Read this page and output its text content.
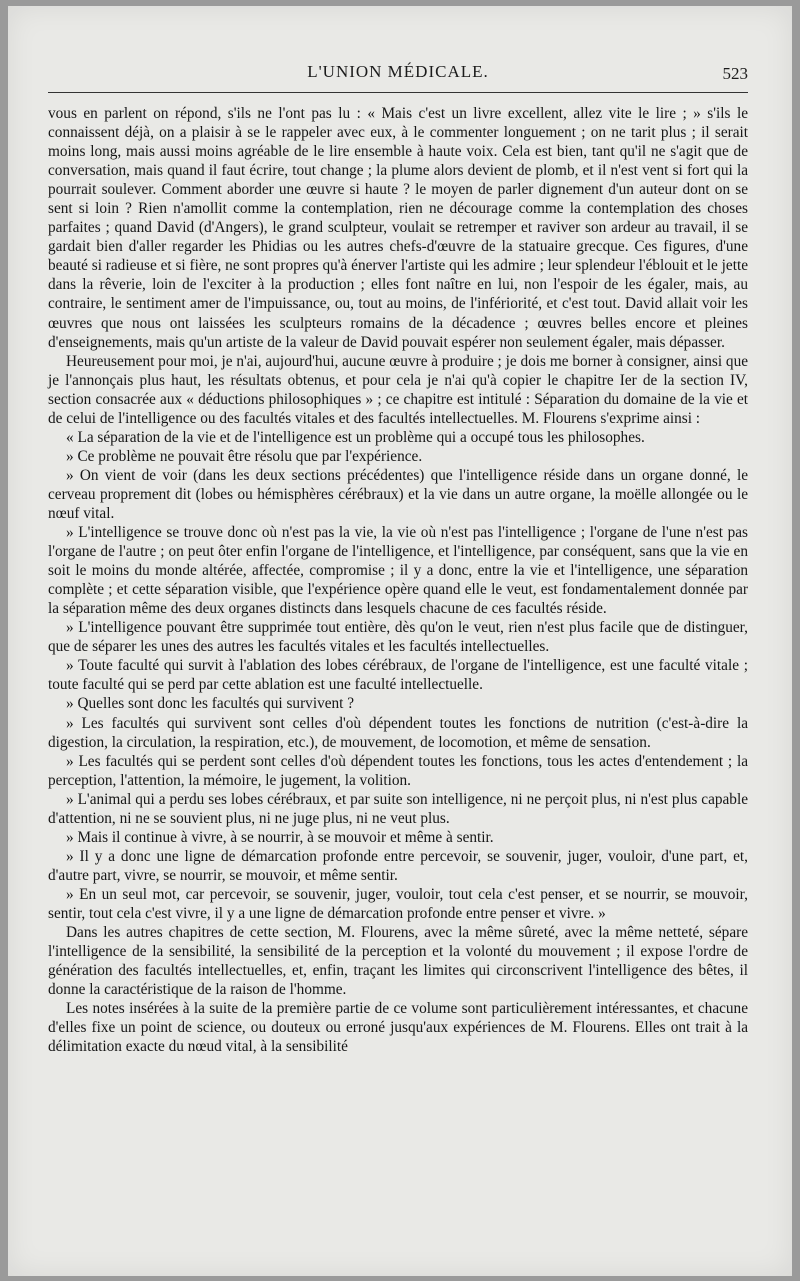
L'UNION MÉDICALE.	523

vous en parlent on répond, s'ils ne l'ont pas lu : « Mais c'est un livre excellent, allez vite le lire ; » s'ils le connaissent déjà, on a plaisir à se le rappeler avec eux, à le commenter longuement ; on ne tarit plus ; il serait moins long, mais aussi moins agréable de le lire ensemble à haute voix. Cela est bien, tant qu'il ne s'agit que de conversation, mais quand il faut écrire, tout change ; la plume alors devient de plomb, et il n'est vent si fort qui la pourrait soulever. Comment aborder une œuvre si haute ? le moyen de parler dignement d'un auteur dont on se sent si loin ? Rien n'amollit comme la contemplation, rien ne décourage comme la contemplation des choses parfaites ; quand David (d'Angers), le grand sculpteur, voulait se retremper et raviver son ardeur au travail, il se gardait bien d'aller regarder les Phidias ou les autres chefs-d'œuvre de la statuaire grecque. Ces figures, d'une beauté si radieuse et si fière, ne sont propres qu'à énerver l'artiste qui les admire ; leur splendeur l'éblouit et le jette dans la rêverie, loin de l'exciter à la production ; elles font naître en lui, non l'espoir de les égaler, mais, au contraire, le sentiment amer de l'impuissance, ou, tout au moins, de l'infériorité, et c'est tout. David allait voir les œuvres que nous ont laissées les sculpteurs romains de la décadence ; œuvres belles encore et pleines d'enseignements, mais qu'un artiste de la valeur de David pouvait espérer non seulement égaler, mais dépasser.

Heureusement pour moi, je n'ai, aujourd'hui, aucune œuvre à produire ; je dois me borner à consigner, ainsi que je l'annonçais plus haut, les résultats obtenus, et pour cela je n'ai qu'à copier le chapitre Ier de la section IV, section consacrée aux « déductions philosophiques » ; ce chapitre est intitulé : Séparation du domaine de la vie et de celui de l'intelligence ou des facultés vitales et des facultés intellectuelles. M. Flourens s'exprime ainsi :

« La séparation de la vie et de l'intelligence est un problème qui a occupé tous les philosophes.

» Ce problème ne pouvait être résolu que par l'expérience.

» On vient de voir (dans les deux sections précédentes) que l'intelligence réside dans un organe donné, le cerveau proprement dit (lobes ou hémisphères cérébraux) et la vie dans un autre organe, la moëlle allongée ou le nœuf vital.

» L'intelligence se trouve donc où n'est pas la vie, la vie où n'est pas l'intelligence ; l'organe de l'une n'est pas l'organe de l'autre ; on peut ôter enfin l'organe de l'intelligence, et l'intelligence, par conséquent, sans que la vie en soit le moins du monde altérée, affectée, compromise ; il y a donc, entre la vie et l'intelligence, une séparation complète ; et cette séparation visible, que l'expérience opère quand elle le veut, est fondamentalement donnée par la séparation même des deux organes distincts dans lesquels chacune de ces facultés réside.

» L'intelligence pouvant être supprimée tout entière, dès qu'on le veut, rien n'est plus facile que de distinguer, que de séparer les unes des autres les facultés vitales et les facultés intellectuelles.

» Toute faculté qui survit à l'ablation des lobes cérébraux, de l'organe de l'intelligence, est une faculté vitale ; toute faculté qui se perd par cette ablation est une faculté intellectuelle.

» Quelles sont donc les facultés qui survivent ?

» Les facultés qui survivent sont celles d'où dépendent toutes les fonctions de nutrition (c'est-à-dire la digestion, la circulation, la respiration, etc.), de mouvement, de locomotion, et même de sensation.

» Les facultés qui se perdent sont celles d'où dépendent toutes les fonctions, tous les actes d'entendement ; la perception, l'attention, la mémoire, le jugement, la volition.

» L'animal qui a perdu ses lobes cérébraux, et par suite son intelligence, ni ne perçoit plus, ni n'est plus capable d'attention, ni ne se souvient plus, ni ne juge plus, ni ne veut plus.

» Mais il continue à vivre, à se nourrir, à se mouvoir et même à sentir.

» Il y a donc une ligne de démarcation profonde entre percevoir, se souvenir, juger, vouloir, d'une part, et, d'autre part, vivre, se nourrir, se mouvoir, et même sentir.

» En un seul mot, car percevoir, se souvenir, juger, vouloir, tout cela c'est penser, et se nourrir, se mouvoir, sentir, tout cela c'est vivre, il y a une ligne de démarcation profonde entre penser et vivre. »

Dans les autres chapitres de cette section, M. Flourens, avec la même sûreté, avec la même netteté, sépare l'intelligence de la sensibilité, la sensibilité de la perception et la volonté du mouvement ; il expose l'ordre de génération des facultés intellectuelles, et, enfin, traçant les limites qui circonscrivent l'intelligence des bêtes, il donne la caractéristique de la raison de l'homme.

Les notes insérées à la suite de la première partie de ce volume sont particulièrement intéressantes, et chacune d'elles fixe un point de science, ou douteux ou erroné jusqu'aux expériences de M. Flourens. Elles ont trait à la délimitation exacte du nœud vital, à la sensibilité
